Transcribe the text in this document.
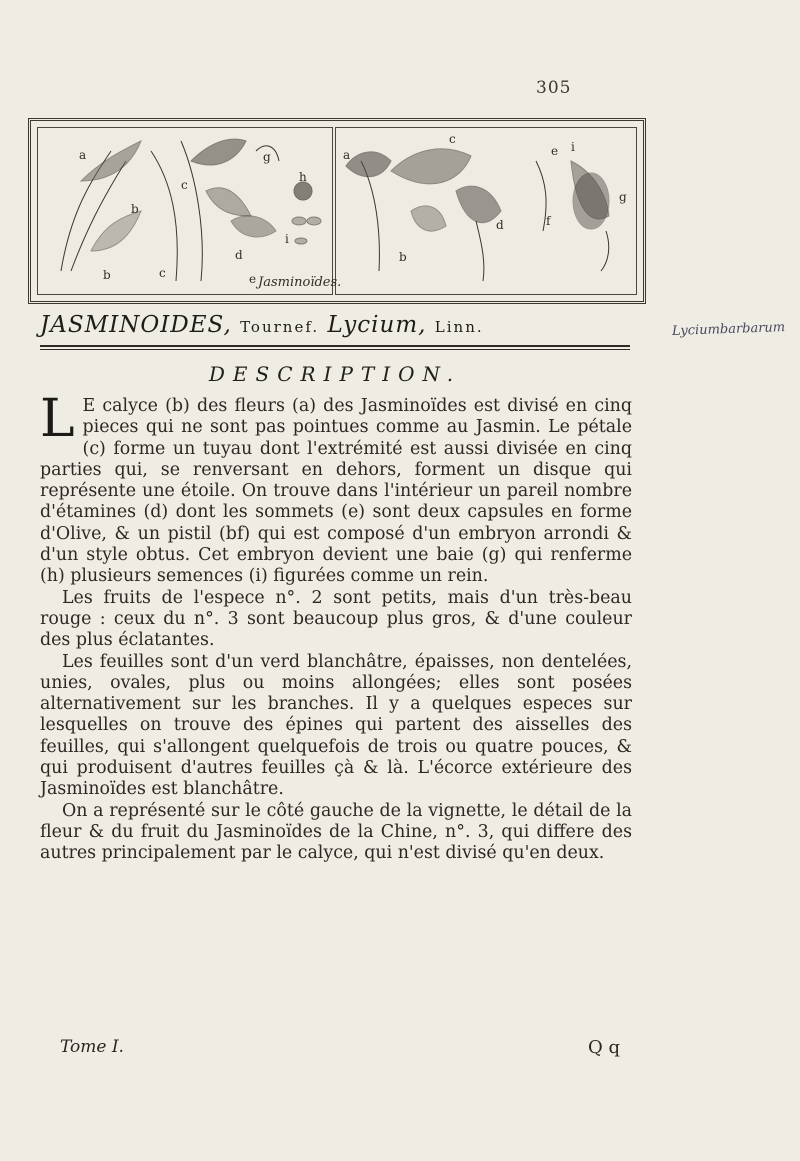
305
a
b
b
c
c
d
e
g
h
i
a
b
c
d
e
f
g
i
Jasminoïdes.
JASMINOIDES, Tournef. Lycium, Linn.	Lyciumbarbarum
DESCRIPTION.

L E calyce (b) des fleurs (a) des Jasminoïdes est divisé en cinq pieces qui ne sont pas pointues comme au Jasmin. Le pétale (c) forme un tuyau dont l'extrémité est aussi divisée en cinq parties qui, se renversant en dehors, forment un disque qui représente une étoile. On trouve dans l'intérieur un pareil nombre d'étamines (d) dont les sommets (e) sont deux capsules en forme d'Olive, & un pistil (bf) qui est composé d'un embryon arrondi & d'un style obtus. Cet embryon devient une baie (g) qui renferme (h) plusieurs semences (i) figurées comme un rein.

Les fruits de l'espece n°. 2 sont petits, mais d'un très-beau rouge : ceux du n°. 3 sont beaucoup plus gros, & d'une couleur des plus éclatantes.

Les feuilles sont d'un verd blanchâtre, épaisses, non dentelées, unies, ovales, plus ou moins allongées; elles sont posées alternativement sur les branches. Il y a quelques especes sur lesquelles on trouve des épines qui partent des aisselles des feuilles, qui s'allongent quelquefois de trois ou quatre pouces, & qui produisent d'autres feuilles çà & là. L'écorce extérieure des Jasminoïdes est blanchâtre.

On a représenté sur le côté gauche de la vignette, le détail de la fleur & du fruit du Jasminoïdes de la Chine, n°. 3, qui differe des autres principalement par le calyce, qui n'est divisé qu'en deux.

Tome I.	Q q
